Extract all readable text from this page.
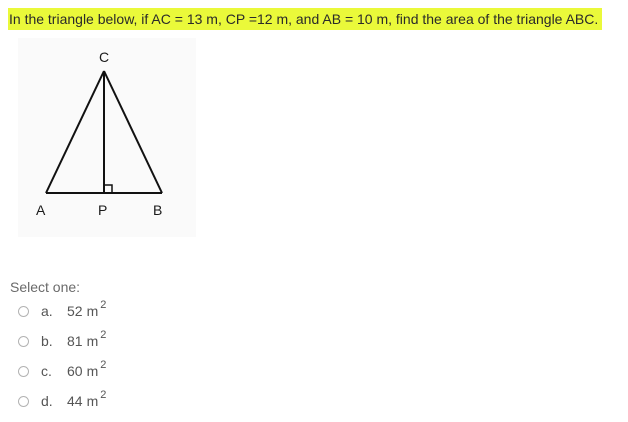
In the triangle below, if AC = 13 m, CP =12 m, and AB = 10 m, find the area of the triangle ABC.
C
A	P	B
Select one:
a.	52 m 2
b.	81 m 2
c.	60 m 2
d.	44 m 2
